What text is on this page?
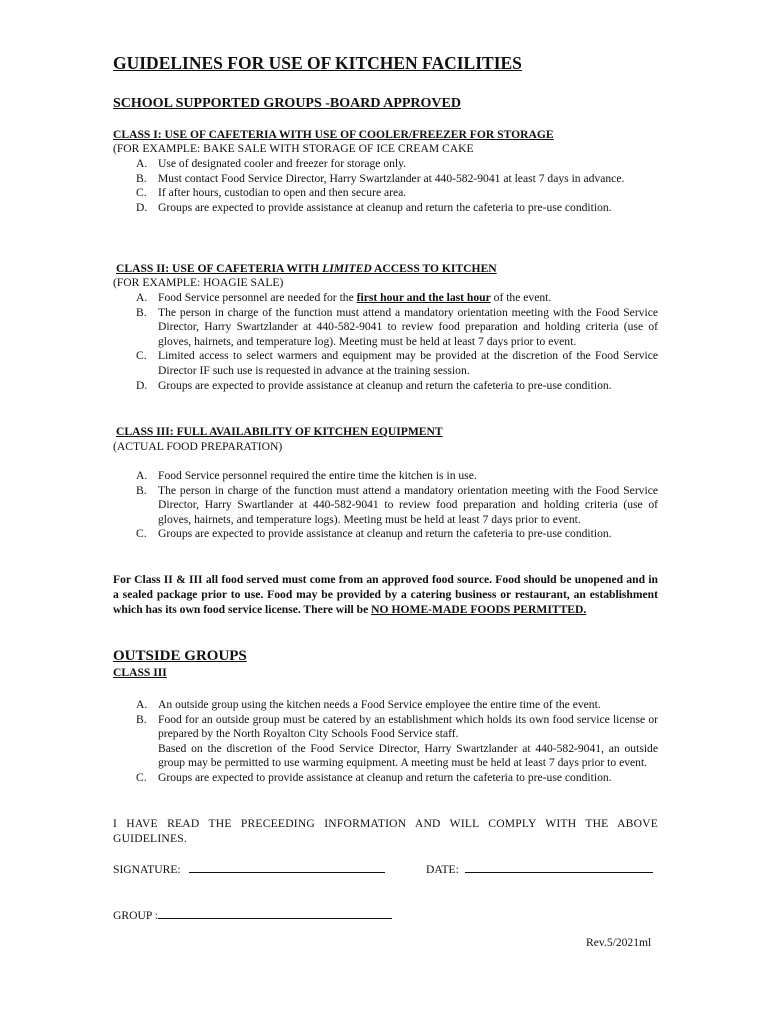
GUIDELINES FOR USE OF KITCHEN FACILITIES
SCHOOL SUPPORTED GROUPS -BOARD APPROVED
CLASS I: USE OF CAFETERIA WITH USE OF COOLER/FREEZER FOR STORAGE
(FOR EXAMPLE: BAKE SALE WITH STORAGE OF ICE CREAM CAKE
A. Use of designated cooler and freezer for storage only.
B. Must contact Food Service Director, Harry Swartzlander at 440-582-9041 at least 7 days in advance.
C. If after hours, custodian to open and then secure area.
D. Groups are expected to provide assistance at cleanup and return the cafeteria to pre-use condition.
CLASS II: USE OF CAFETERIA WITH LIMITED ACCESS TO KITCHEN
(FOR EXAMPLE: HOAGIE SALE)
A. Food Service personnel are needed for the first hour and the last hour of the event.
B. The person in charge of the function must attend a mandatory orientation meeting with the Food Service Director, Harry Swartzlander at 440-582-9041 to review food preparation and holding criteria (use of gloves, hairnets, and temperature log). Meeting must be held at least 7 days prior to event.
C. Limited access to select warmers and equipment may be provided at the discretion of the Food Service Director IF such use is requested in advance at the training session.
D. Groups are expected to provide assistance at cleanup and return the cafeteria to pre-use condition.
CLASS III: FULL AVAILABILITY OF KITCHEN EQUIPMENT
(ACTUAL FOOD PREPARATION)
A. Food Service personnel required the entire time the kitchen is in use.
B. The person in charge of the function must attend a mandatory orientation meeting with the Food Service Director, Harry Swartlander at 440-582-9041 to review food preparation and holding criteria (use of gloves, hairnets, and temperature logs). Meeting must be held at least 7 days prior to event.
C. Groups are expected to provide assistance at cleanup and return the cafeteria to pre-use condition.
For Class II & III all food served must come from an approved food source. Food should be unopened and in a sealed package prior to use. Food may be provided by a catering business or restaurant, an establishment which has its own food service license. There will be NO HOME-MADE FOODS PERMITTED.
OUTSIDE GROUPS
CLASS III
A. An outside group using the kitchen needs a Food Service employee the entire time of the event.
B. Food for an outside group must be catered by an establishment which holds its own food service license or prepared by the North Royalton City Schools Food Service staff.
Based on the discretion of the Food Service Director, Harry Swartzlander at 440-582-9041, an outside group may be permitted to use warming equipment. A meeting must be held at least 7 days prior to event.
C. Groups are expected to provide assistance at cleanup and return the cafeteria to pre-use condition.
I HAVE READ THE PRECEEDING INFORMATION AND WILL COMPLY WITH THE ABOVE GUIDELINES.
SIGNATURE:	DATE:
GROUP :
Rev.5/2021ml
